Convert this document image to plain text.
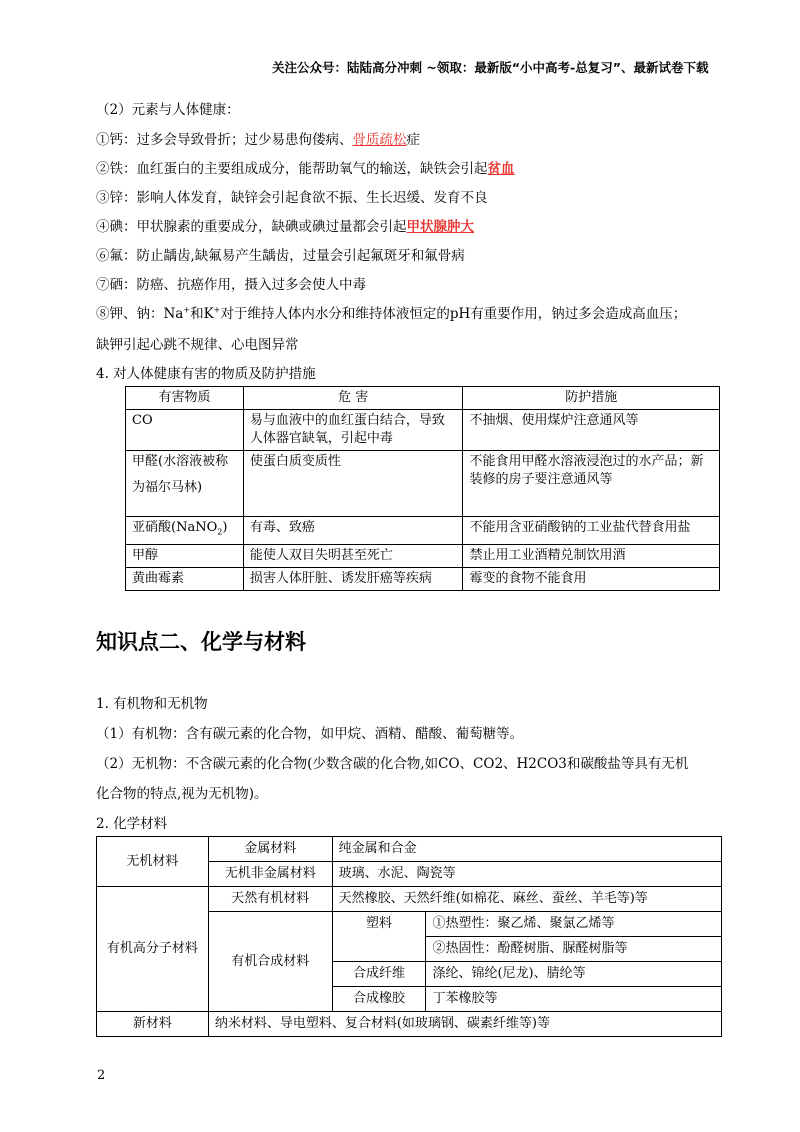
关注公众号：陆陆高分冲刺 ~领取：最新版“小中高考-总复习”、最新试卷下载
（2）元素与人体健康：
①钙：过多会导致骨折；过少易患佝偻病、骨质疏松症
②铁：血红蛋白的主要组成成分，能帮助氧气的输送，缺铁会引起贫血
③锌：影响人体发育，缺锌会引起食欲不振、生长迟缓、发育不良
④碘：甲状腺素的重要成分，缺碘或碘过量都会引起甲状腺肿大
⑥氟：防止龋齿,缺氟易产生龋齿，过量会引起氟斑牙和氟骨病
⑦硒：防癌、抗癌作用，摄入过多会使人中毒
⑧钾、钠：Na+和K+对于维持人体内水分和维持体液恒定的pH有重要作用，钠过多会造成高血压；
缺钾引起心跳不规律、心电图异常
4. 对人体健康有害的物质及防护措施
有害物质	危 害	防护措施
CO	易与血液中的血红蛋白结合，导致人体器官缺氧，引起中毒	不抽烟、使用煤炉注意通风等

甲醛(水溶液被称
为福尔马林)	使蛋白质变质性	不能食用甲醛水溶液浸泡过的水产品；新装修的房子要注意通风等
亚硝酸(NaNO$_2$)	有毒、致癌	不能用含亚硝酸钠的工业盐代替食用盐
甲醇	能使人双目失明甚至死亡	禁止用工业酒精兑制饮用酒
黄曲霉素	损害人体肝脏、诱发肝癌等疾病	霉变的食物不能食用
知识点二、化学与材料
1. 有机物和无机物
（1）有机物：含有碳元素的化合物，如甲烷、酒精、醋酸、葡萄糖等。
（2）无机物：不含碳元素的化合物(少数含碳的化合物,如CO、CO2、H2CO3和碳酸盐等具有无机
化合物的特点,视为无机物)。
2. 化学材料
无机材料	金属材料	纯金属和合金	
	无机非金属材料	玻璃、水泥、陶瓷等	
有机高分子材料	天然有机材料	天然橡胶、天然纤维(如棉花、麻丝、蚕丝、羊毛等)等	
	有机合成材料	塑料	①热塑性：聚乙烯、聚氯乙烯等
			②热固性：酚醛树脂、脲醛树脂等
		合成纤维	涤纶、锦纶(尼龙)、腈纶等
		合成橡胶	丁苯橡胶等
新材料	纳米材料、导电塑料、复合材料(如玻璃钢、碳素纤维等)等		
2
